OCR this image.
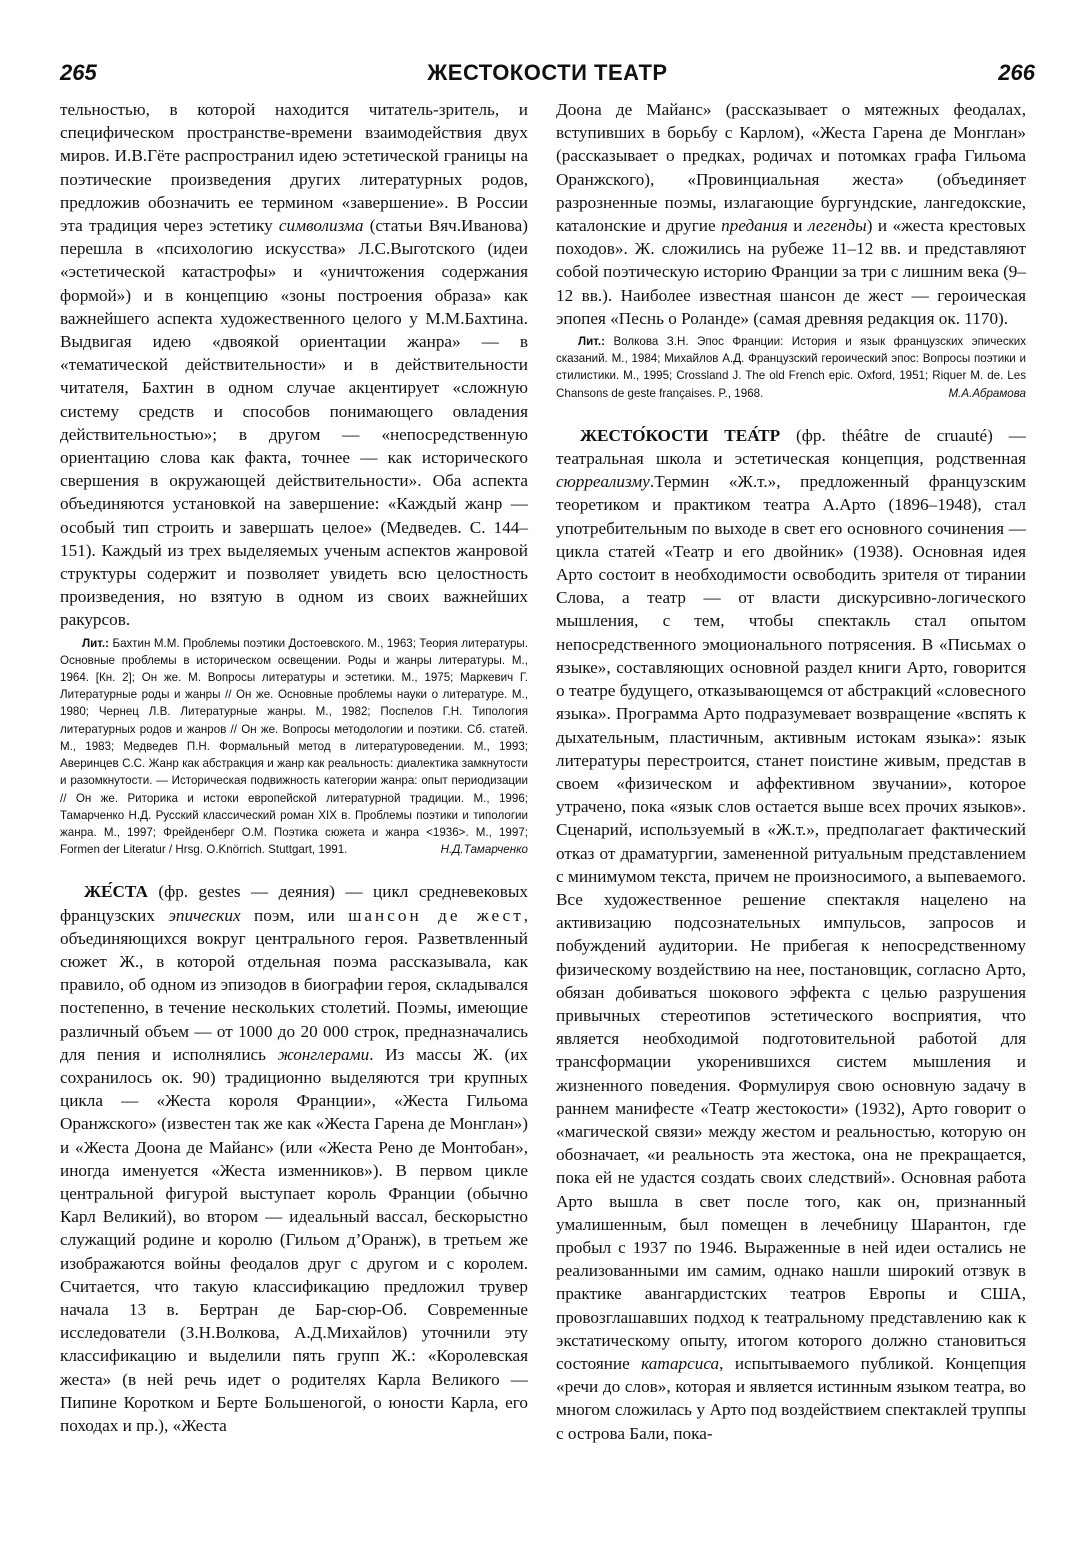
265	ЖЕСТОКОСТИ ТЕАТР	266

тельностью, в которой находится читатель-зритель, и специфическом пространстве-времени взаимодействия двух миров. И.В.Гёте распространил идею эстетической границы на поэтические произведения других литературных родов, предложив обозначить ее термином «завершение». В России эта традиция через эстетику символизма (статьи Вяч.Иванова) перешла в «психологию искусства» Л.С.Выготского (идеи «эстетической катастрофы» и «уничтожения содержания формой») и в концепцию «зоны построения образа» как важнейшего аспекта художественного целого у М.М.Бахтина. Выдвигая идею «двоякой ориентации жанра» — в «тематической действительности» и в действительности читателя, Бахтин в одном случае акцентирует «сложную систему средств и способов понимающего овладения действительностью»; в другом — «непосредственную ориентацию слова как факта, точнее — как исторического свершения в окружающей действительности». Оба аспекта объединяются установкой на завершение: «Каждый жанр — особый тип строить и завершать целое» (Медведев. С. 144–151). Каждый из трех выделяемых ученым аспектов жанровой структуры содержит и позволяет увидеть всю целостность произведения, но взятую в одном из своих важнейших ракурсов.

Лит.: Бахтин М.М. Проблемы поэтики Достоевского. М., 1963; Теория литературы. Основные проблемы в историческом освещении. Роды и жанры литературы. М., 1964. [Кн. 2]; Он же. М. Вопросы литературы и эстетики. М., 1975; Маркевич Г. Литературные роды и жанры // Он же. Основные проблемы науки о литературе. М., 1980; Чернец Л.В. Литературные жанры. М., 1982; Поспелов Г.Н. Типология литературных родов и жанров // Он же. Вопросы методологии и поэтики. Сб. статей. М., 1983; Медведев П.Н. Формальный метод в литературоведении. М., 1993; Аверинцев С.С. Жанр как абстракция и жанр как реальность: диалектика замкнутости и разомкнутости. — Историческая подвижность категории жанра: опыт периодизации // Он же. Риторика и истоки европейской литературной традиции. М., 1996; Тамарченко Н.Д. Русский классический роман XIX в. Проблемы поэтики и типологии жанра. М., 1997; Фрейденберг О.М. Поэтика сюжета и жанра <1936>. М., 1997; Formen der Literatur / Hrsg. O.Knörrich. Stuttgart, 1991.	Н.Д.Тамарченко

ЖЕ́СТА (фр. gestes — деяния) — цикл средневековых французских эпических поэм, или шансон де жест, объединяющихся вокруг центрального героя. Разветвленный сюжет Ж., в которой отдельная поэма рассказывала, как правило, об одном из эпизодов в биографии героя, складывался постепенно, в течение нескольких столетий. Поэмы, имеющие различный объем — от 1000 до 20 000 строк, предназначались для пения и исполнялись жонглерами. Из массы Ж. (их сохранилось ок. 90) традиционно выделяются три крупных цикла — «Жеста короля Франции», «Жеста Гильома Оранжского» (известен так же как «Жеста Гарена де Монглан») и «Жеста Доона де Майанс» (или «Жеста Рено де Монтобан», иногда именуется «Жеста изменников»). В первом цикле центральной фигурой выступает король Франции (обычно Карл Великий), во втором — идеальный вассал, бескорыстно служащий родине и королю (Гильом д’Оранж), в третьем же изображаются войны феодалов друг с другом и с королем. Считается, что такую классификацию предложил трувер начала 13 в. Бертран де Бар-сюр-Об. Современные исследователи (З.Н.Волкова, А.Д.Михайлов) уточнили эту классификацию и выделили пять групп Ж.: «Королевская жеста» (в ней речь идет о родителях Карла Великого — Пипине Коротком и Берте Большеногой, о юности Карла, его походах и пр.), «Жеста

Доона де Майанс» (рассказывает о мятежных феодалах, вступивших в борьбу с Карлом), «Жеста Гарена де Монглан» (рассказывает о предках, родичах и потомках графа Гильома Оранжского), «Провинциальная жеста» (объединяет разрозненные поэмы, излагающие бургундские, лангедокские, каталонские и другие предания и легенды) и «жеста крестовых походов». Ж. сложились на рубеже 11–12 вв. и представляют собой поэтическую историю Франции за три с лишним века (9–12 вв.). Наиболее известная шансон де жест — героическая эпопея «Песнь о Роланде» (самая древняя редакция ок. 1170).

Лит.: Волкова З.Н. Эпос Франции: История и язык французских эпических сказаний. М., 1984; Михайлов А.Д. Французский героический эпос: Вопросы поэтики и стилистики. М., 1995; Crossland J. The old French epic. Oxford, 1951; Riquer M. de. Les Chansons de geste françaises. P., 1968.	М.А.Абрамова

ЖЕСТО́КОСТИ ТЕА́ТР (фр. théâtre de cruauté) — театральная школа и эстетическая концепция, родственная сюрреализму.Термин «Ж.т.», предложенный французским теоретиком и практиком театра А.Арто (1896–1948), стал употребительным по выходе в свет его основного сочинения — цикла статей «Театр и его двойник» (1938). Основная идея Арто состоит в необходимости освободить зрителя от тирании Слова, а театр — от власти дискурсивно-логического мышления, с тем, чтобы спектакль стал опытом непосредственного эмоционального потрясения. В «Письмах о языке», составляющих основной раздел книги Арто, говорится о театре будущего, отказывающемся от абстракций «словесного языка». Программа Арто подразумевает возвращение «вспять к дыхательным, пластичным, активным истокам языка»: язык литературы перестроится, станет поистине живым, представ в своем «физическом и аффективном звучании», которое утрачено, пока «язык слов остается выше всех прочих языков». Сценарий, используемый в «Ж.т.», предполагает фактический отказ от драматургии, замененной ритуальным представлением с минимумом текста, причем не произносимого, а выпеваемого. Все художественное решение спектакля нацелено на активизацию подсознательных импульсов, запросов и побуждений аудитории. Не прибегая к непосредственному физическому воздействию на нее, постановщик, согласно Арто, обязан добиваться шокового эффекта с целью разрушения привычных стереотипов эстетического восприятия, что является необходимой подготовительной работой для трансформации укоренившихся систем мышления и жизненного поведения. Формулируя свою основную задачу в раннем манифесте «Театр жестокости» (1932), Арто говорит о «магической связи» между жестом и реальностью, которую он обозначает, «и реальность эта жестока, она не прекращается, пока ей не удастся создать своих следствий». Основная работа Арто вышла в свет после того, как он, признанный умалишенным, был помещен в лечебницу Шарантон, где пробыл с 1937 по 1946. Выраженные в ней идеи остались не реализованными им самим, однако нашли широкий отзвук в практике авангардистских театров Европы и США, провозглашавших подход к театральному представлению как к экстатическому опыту, итогом которого должно становиться состояние катарсиса, испытываемого публикой. Концепция «речи до слов», которая и является истинным языком театра, во многом сложилась у Арто под воздействием спектаклей труппы с острова Бали, пока-
